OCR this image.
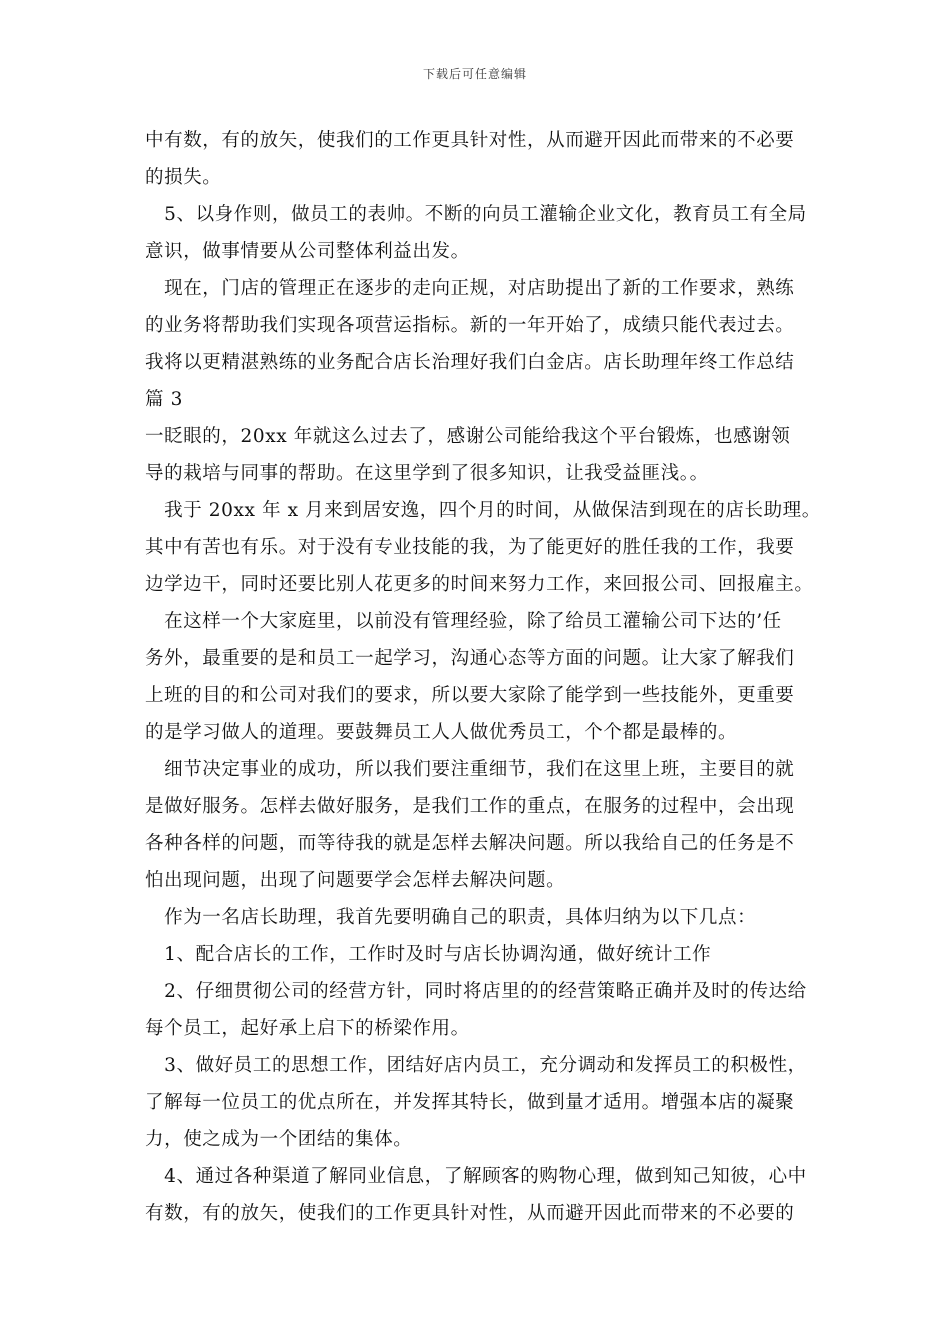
下载后可任意编辑
中有数，有的放矢，使我们的工作更具针对性，从而避开因此而带来的不必要
的损失。
　5、以身作则，做员工的表帅。不断的向员工灌输企业文化，教育员工有全局
意识，做事情要从公司整体利益出发。
　现在，门店的管理正在逐步的走向正规，对店助提出了新的工作要求，熟练
的业务将帮助我们实现各项营运指标。新的一年开始了，成绩只能代表过去。
我将以更精湛熟练的业务配合店长治理好我们白金店。店长助理年终工作总结
篇 3
一眨眼的，20xx 年就这么过去了，感谢公司能给我这个平台锻炼，也感谢领
导的栽培与同事的帮助。在这里学到了很多知识，让我受益匪浅。。
　我于 20xx 年 x 月来到居安逸，四个月的时间，从做保洁到现在的店长助理。
其中有苦也有乐。对于没有专业技能的我，为了能更好的胜任我的工作，我要
边学边干，同时还要比别人花更多的时间来努力工作，来回报公司、回报雇主。
　在这样一个大家庭里，以前没有管理经验，除了给员工灌输公司下达的’任
务外，最重要的是和员工一起学习，沟通心态等方面的问题。让大家了解我们
上班的目的和公司对我们的要求，所以要大家除了能学到一些技能外，更重要
的是学习做人的道理。要鼓舞员工人人做优秀员工，个个都是最棒的。
　细节决定事业的成功，所以我们要注重细节，我们在这里上班，主要目的就
是做好服务。怎样去做好服务，是我们工作的重点，在服务的过程中，会出现
各种各样的问题，而等待我的就是怎样去解决问题。所以我给自己的任务是不
怕出现问题，出现了问题要学会怎样去解决问题。
　作为一名店长助理，我首先要明确自己的职责，具体归纳为以下几点：
　1、配合店长的工作，工作时及时与店长协调沟通，做好统计工作
　2、仔细贯彻公司的经营方针，同时将店里的的经营策略正确并及时的传达给
每个员工，起好承上启下的桥梁作用。
　3、做好员工的思想工作，团结好店内员工，充分调动和发挥员工的积极性，
了解每一位员工的优点所在，并发挥其特长，做到量才适用。增强本店的凝聚
力，使之成为一个团结的集体。
　4、通过各种渠道了解同业信息，了解顾客的购物心理，做到知己知彼，心中
有数，有的放矢，使我们的工作更具针对性，从而避开因此而带来的不必要的
